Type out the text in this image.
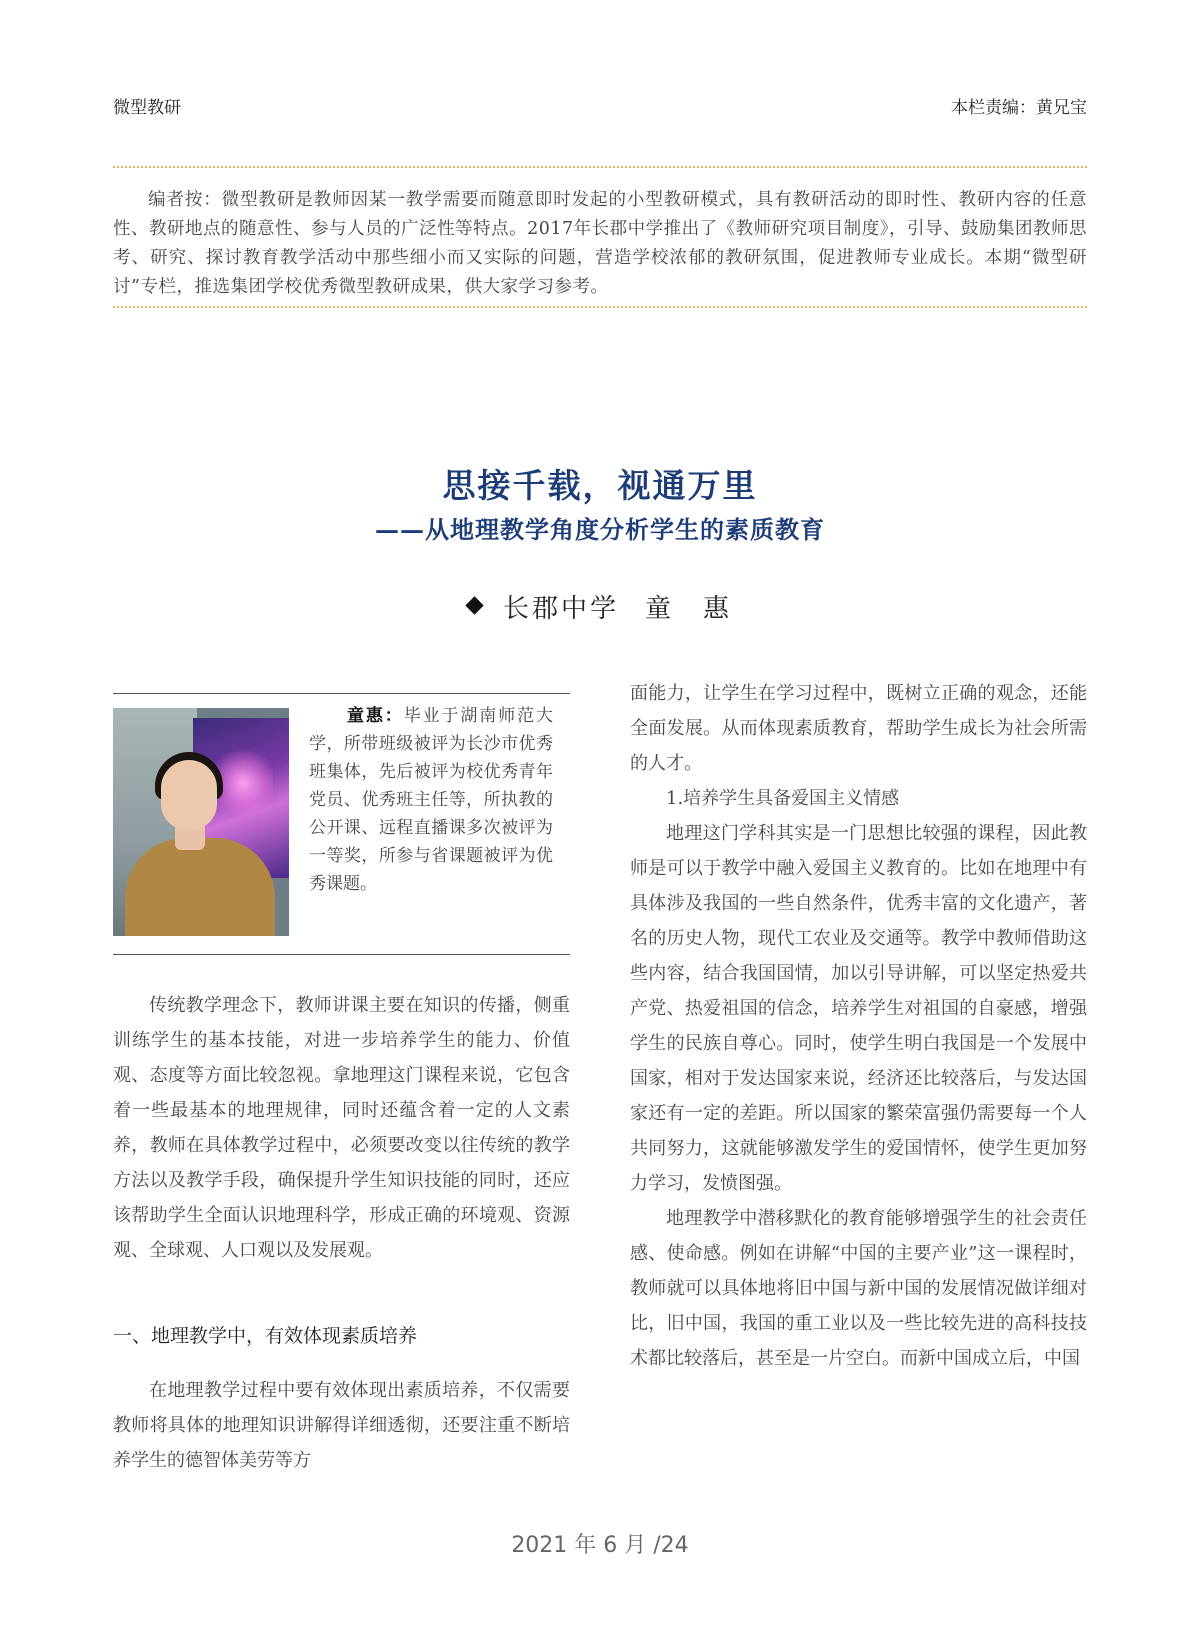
微型教研	本栏责编：黄兄宝
编者按：微型教研是教师因某一教学需要而随意即时发起的小型教研模式，具有教研活动的即时性、教研内容的任意性、教研地点的随意性、参与人员的广泛性等特点。2017年长郡中学推出了《教师研究项目制度》，引导、鼓励集团教师思考、研究、探讨教育教学活动中那些细小而又实际的问题，营造学校浓郁的教研氛围，促进教师专业成长。本期“微型研讨”专栏，推选集团学校优秀微型教研成果，供大家学习参考。
思接千载，视通万里
——从地理教学角度分析学生的素质教育
长郡中学 童　惠
童惠：毕业于湖南师范大学，所带班级被评为长沙市优秀班集体，先后被评为校优秀青年党员、优秀班主任等，所执教的公开课、远程直播课多次被评为一等奖，所参与省课题被评为优秀课题。
传统教学理念下，教师讲课主要在知识的传播，侧重训练学生的基本技能，对进一步培养学生的能力、价值观、态度等方面比较忽视。拿地理这门课程来说，它包含着一些最基本的地理规律，同时还蕴含着一定的人文素养，教师在具体教学过程中，必须要改变以往传统的教学方法以及教学手段，确保提升学生知识技能的同时，还应该帮助学生全面认识地理科学，形成正确的环境观、资源观、全球观、人口观以及发展观。
一、地理教学中，有效体现素质培养
在地理教学过程中要有效体现出素质培养，不仅需要教师将具体的地理知识讲解得详细透彻，还要注重不断培养学生的德智体美劳等方

面能力，让学生在学习过程中，既树立正确的观念，还能全面发展。从而体现素质教育，帮助学生成长为社会所需的人才。

1.培养学生具备爱国主义情感

地理这门学科其实是一门思想比较强的课程，因此教师是可以于教学中融入爱国主义教育的。比如在地理中有具体涉及我国的一些自然条件，优秀丰富的文化遗产，著名的历史人物，现代工农业及交通等。教学中教师借助这些内容，结合我国国情，加以引导讲解，可以坚定热爱共产党、热爱祖国的信念，培养学生对祖国的自豪感，增强学生的民族自尊心。同时，使学生明白我国是一个发展中国家，相对于发达国家来说，经济还比较落后，与发达国家还有一定的差距。所以国家的繁荣富强仍需要每一个人共同努力，这就能够激发学生的爱国情怀，使学生更加努力学习，发愤图强。

地理教学中潜移默化的教育能够增强学生的社会责任感、使命感。例如在讲解“中国的主要产业”这一课程时，教师就可以具体地将旧中国与新中国的发展情况做详细对比，旧中国，我国的重工业以及一些比较先进的高科技技术都比较落后，甚至是一片空白。而新中国成立后，中国

2021 年 6 月 /24
